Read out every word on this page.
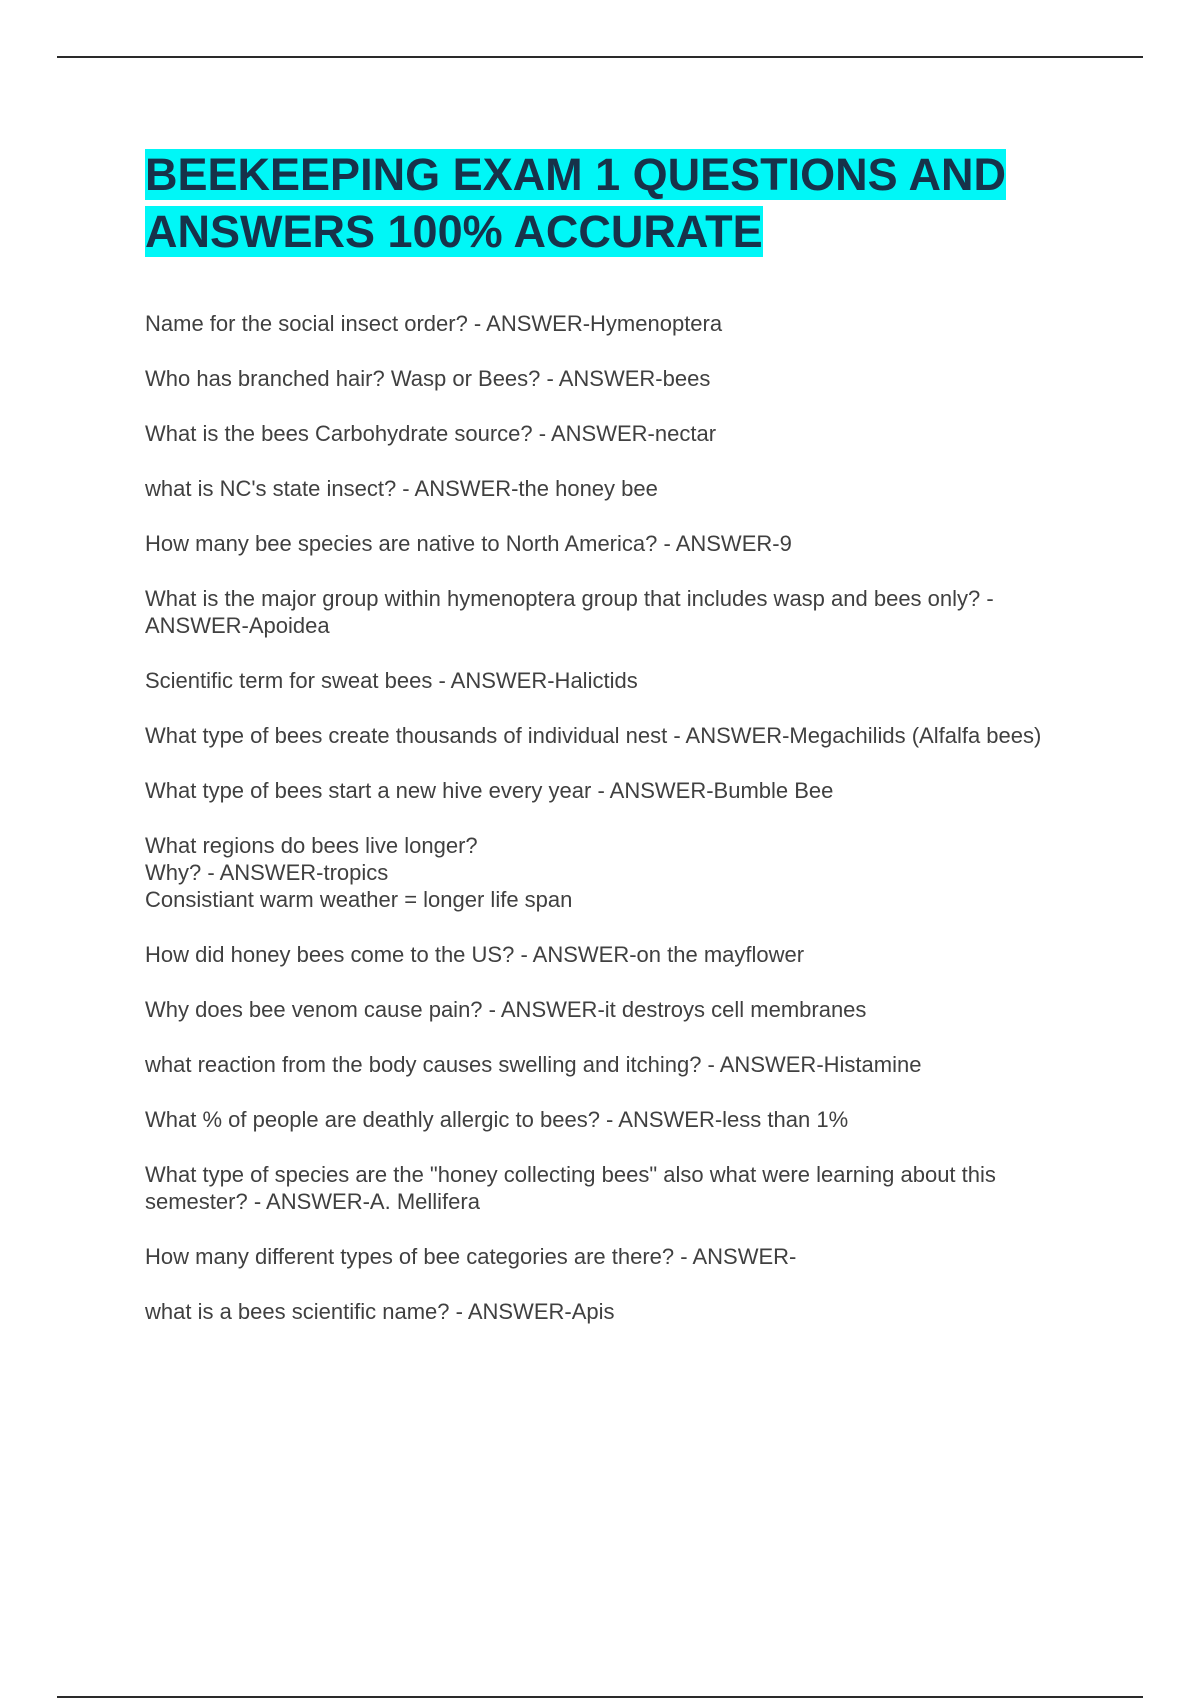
BEEKEEPING EXAM 1 QUESTIONS AND
ANSWERS 100% ACCURATE

Name for the social insect order? - ANSWER-Hymenoptera

Who has branched hair? Wasp or Bees? - ANSWER-bees

What is the bees Carbohydrate source? - ANSWER-nectar

what is NC's state insect? - ANSWER-the honey bee

How many bee species are native to North America? - ANSWER-9

What is the major group within hymenoptera group that includes wasp and bees only? - ANSWER-Apoidea

Scientific term for sweat bees - ANSWER-Halictids

What type of bees create thousands of individual nest - ANSWER-Megachilids (Alfalfa bees)

What type of bees start a new hive every year - ANSWER-Bumble Bee

What regions do bees live longer?
Why? - ANSWER-tropics
Consistiant warm weather = longer life span

How did honey bees come to the US? - ANSWER-on the mayflower

Why does bee venom cause pain? - ANSWER-it destroys cell membranes

what reaction from the body causes swelling and itching? - ANSWER-Histamine

What % of people are deathly allergic to bees? - ANSWER-less than 1%

What type of species are the "honey collecting bees" also what were learning about this semester? - ANSWER-A. Mellifera

How many different types of bee categories are there? - ANSWER-

what is a bees scientific name? - ANSWER-Apis
